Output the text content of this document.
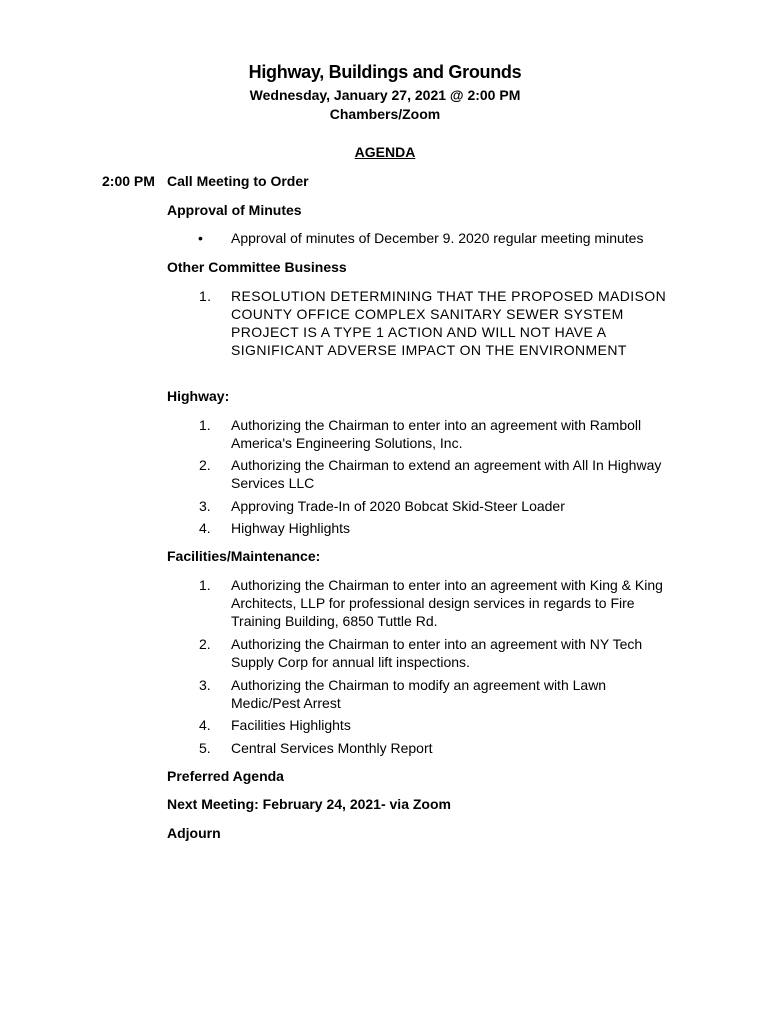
Highway, Buildings and Grounds
Wednesday, January 27, 2021 @ 2:00 PM
Chambers/Zoom
AGENDA
2:00 PM Call Meeting to Order
Approval of Minutes
• Approval of minutes of December 9. 2020 regular meeting minutes
Other Committee Business
1. RESOLUTION DETERMINING THAT THE PROPOSED MADISON COUNTY OFFICE COMPLEX SANITARY SEWER SYSTEM PROJECT IS A TYPE 1 ACTION AND WILL NOT HAVE A SIGNIFICANT ADVERSE IMPACT ON THE ENVIRONMENT
Highway:
1. Authorizing the Chairman to enter into an agreement with Ramboll America's Engineering Solutions, Inc.
2. Authorizing the Chairman to extend an agreement with All In Highway Services LLC
3. Approving Trade-In of 2020 Bobcat Skid-Steer Loader
4. Highway Highlights
Facilities/Maintenance:
1. Authorizing the Chairman to enter into an agreement with King & King Architects, LLP for professional design services in regards to Fire Training Building, 6850 Tuttle Rd.
2. Authorizing the Chairman to enter into an agreement with NY Tech Supply Corp for annual lift inspections.
3. Authorizing the Chairman to modify an agreement with Lawn Medic/Pest Arrest
4. Facilities Highlights
5. Central Services Monthly Report
Preferred Agenda
Next Meeting: February 24, 2021- via Zoom
Adjourn
